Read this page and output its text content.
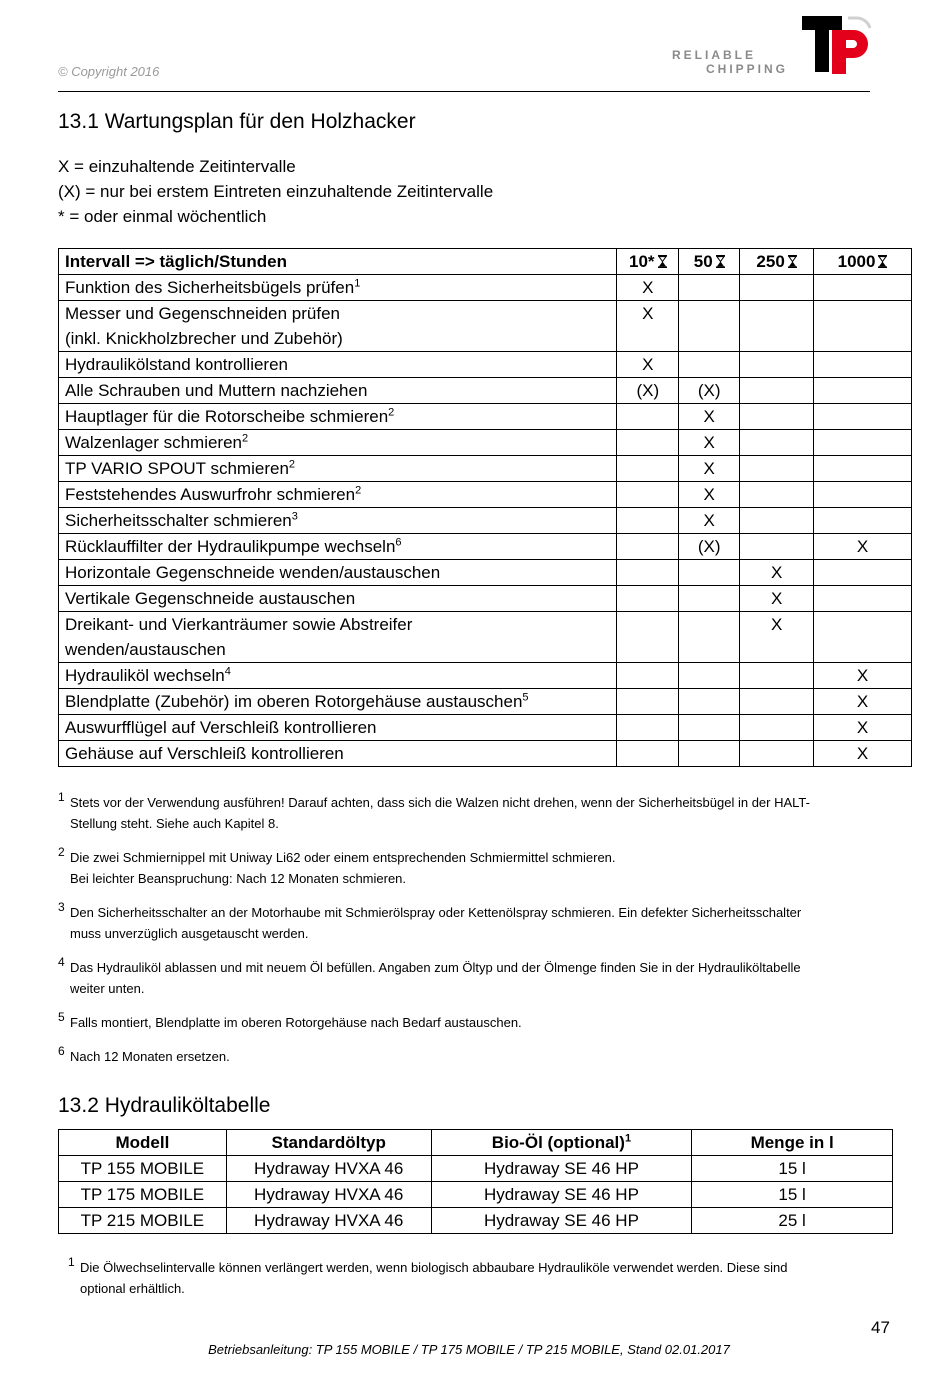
© Copyright 2016
RELIABLE
CHIPPING
13.1 Wartungsplan für den Holzhacker
X = einzuhaltende Zeitintervalle
(X) = nur bei erstem Eintreten einzuhaltende Zeitintervalle
* = oder einmal wöchentlich
Intervall => täglich/Stunden	10*	50	250	1000
Funktion des Sicherheitsbügels prüfen$^1$	X			
Messer und Gegenschneiden prüfen
(inkl. Knickholzbrecher und Zubehör)	X			
Hydraulikölstand kontrollieren	X			
Alle Schrauben und Muttern nachziehen	(X)	(X)		
Hauptlager für die Rotorscheibe schmieren$^2$		X		
Walzenlager schmieren$^2$		X		
TP VARIO SPOUT schmieren$^2$		X		
Feststehendes Auswurfrohr schmieren$^2$		X		
Sicherheitsschalter schmieren$^3$		X		
Rücklauffilter der Hydraulikpumpe wechseln$^6$		(X)		X
Horizontale Gegenschneide wenden/austauschen			X	
Vertikale Gegenschneide austauschen			X	
Dreikant- und Vierkanträumer sowie Abstreifer
wenden/austauschen			X	
Hydrauliköl wechseln$^4$				X
Blendplatte (Zubehör) im oberen Rotorgehäuse austauschen$^5$				X
Auswurfflügel auf Verschleiß kontrollieren				X
Gehäuse auf Verschleiß kontrollieren				X
1 Stets vor der Verwendung ausführen! Darauf achten, dass sich die Walzen nicht drehen, wenn der Sicherheitsbügel in der HALT-
Stellung steht. Siehe auch Kapitel 8.
2 Die zwei Schmiernippel mit Uniway Li62 oder einem entsprechenden Schmiermittel schmieren.
Bei leichter Beanspruchung: Nach 12 Monaten schmieren.
3 Den Sicherheitsschalter an der Motorhaube mit Schmierölspray oder Kettenölspray schmieren. Ein defekter Sicherheitsschalter
muss unverzüglich ausgetauscht werden.
4 Das Hydrauliköl ablassen und mit neuem Öl befüllen. Angaben zum Öltyp und der Ölmenge finden Sie in der Hydrauliköltabelle
weiter unten.
5 Falls montiert, Blendplatte im oberen Rotorgehäuse nach Bedarf austauschen.
6 Nach 12 Monaten ersetzen.
13.2 Hydrauliköltabelle
Modell	Standardöltyp	Bio-Öl (optional)$^1$	Menge in l
TP 155 MOBILE	Hydraway HVXA 46	Hydraway SE 46 HP	15 l
TP 175 MOBILE	Hydraway HVXA 46	Hydraway SE 46 HP	15 l
TP 215 MOBILE	Hydraway HVXA 46	Hydraway SE 46 HP	25 l
1 Die Ölwechselintervalle können verlängert werden, wenn biologisch abbaubare Hydrauliköle verwendet werden. Diese sind
optional erhältlich.
47
Betriebsanleitung: TP 155 MOBILE / TP 175 MOBILE / TP 215 MOBILE, Stand 02.01.2017
